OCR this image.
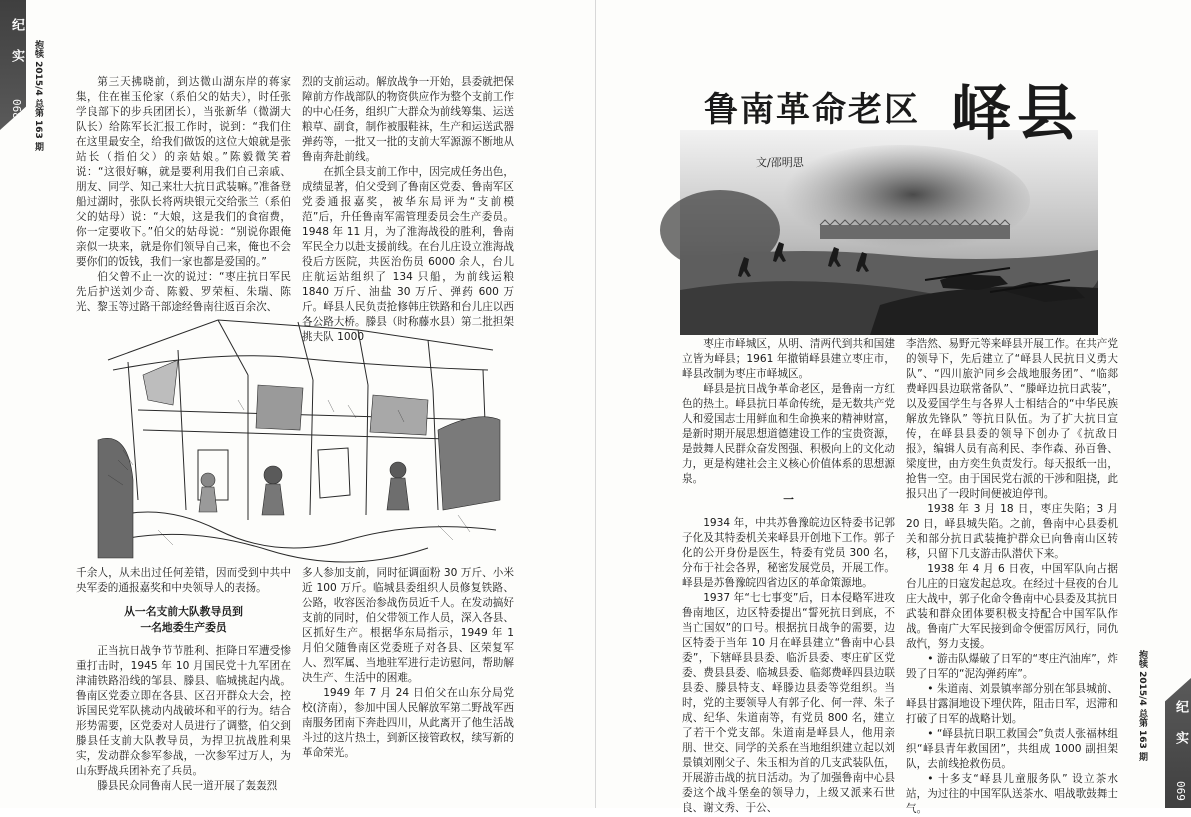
纪实 068	抱犊 2015/4 总第 163 期	第三天拂晓前，到达微山湖东岸的蒋家集，住在崔玉伦家（系伯父的姑夫），时任张学良部下的步兵团团长），当张新华（微湖大队长）给陈军长汇报工作时，说到：“我们住在这里最安全，给我们做饭的这位大娘就是张站长（指伯父）的亲姑娘。”陈毅微笑着说：“这很好嘛，就是要利用我们自己亲戚、朋友、同学、知己来壮大抗日武装嘛。”准备登船过湖时，张队长将两块银元交给张兰（系伯父的姑母）说：“大娘，这是我们的食宿费，你一定要收下。”伯父的姑母说：“别说你跟俺亲似一块来，就是你们领导自己来，俺也不会要你们的饭钱，我们一家也都是爱国的。”

伯父曾不止一次的说过：“枣庄抗日军民先后护送刘少奇、陈毅、罗荣桓、朱瑞、陈光、黎玉等过路干部途经鲁南往返百余次、

烈的支前运动。解放战争一开始，县委就把保障前方作战部队的物资供应作为整个支前工作的中心任务，组织广大群众为前线筹集、运送粮草、副食，制作被服鞋袜，生产和运送武器弹药等，一批又一批的支前大军源源不断地从鲁南奔赴前线。

在抓全县支前工作中，因完成任务出色，成绩显著，伯父受到了鲁南区党委、鲁南军区党委通报嘉奖，被华东局评为“支前模范”后，升任鲁南军需管理委员会生产委员。1948 年 11 月，为了淮海战役的胜利，鲁南军民全力以赴支援前线。在台儿庄设立淮海战役后方医院，共医治伤员 6000 余人，台儿庄航运站组织了 134 只船，为前线运粮 1840 万斤、油盐 30 万斤、弹药 600 万斤。峄县人民负责抢修韩庄铁路和台儿庄以西各公路大桥。滕县（时称藤水县）第二批担架挑夫队 1000

千余人，从未出过任何差错，因而受到中共中央军委的通报嘉奖和中央领导人的表扬。

从一名支前大队教导员到
一名地委生产委员

正当抗日战争节节胜利、拒降日军遭受惨重打击时，1945 年 10 月国民党十九军团在津浦铁路沿线的邹县、滕县、临城挑起内战。鲁南区党委立即在各县、区召开群众大会，控诉国民党军队挑动内战破坏和平的行为。结合形势需要，区党委对人员进行了调整，伯父到滕县任支前大队教导员，为捍卫抗战胜利果实，发动群众参军参战，一次参军过万人，为山东野战兵团补充了兵员。

滕县民众同鲁南人民一道开展了轰轰烈

多人参加支前，同时征调面粉 30 万斤、小米近 100 万斤。临城县委组织人员修复铁路、公路，收容医治参战伤员近千人。在发动搞好支前的同时，伯父带领工作人员，深入各县、区抓好生产。根据华东局指示，1949 年 1 月伯父随鲁南区党委班子对各县、区荣复军人、烈军属、当地驻军进行走访慰问，帮助解决生产、生活中的困难。

1949 年 7 月 24 日伯父在山东分局党校(济南），参加中国人民解放军第二野战军西南服务团南下奔赴四川，从此离开了他生活战斗过的这片热土，到新区接管政权，续写新的革命荣光。

鲁南革命老区 峄县
文/邵明思

枣庄市峄城区，从明、清两代到共和国建立皆为峄县；1961 年撤销峄县建立枣庄市，峄县改制为枣庄市峄城区。

峄县是抗日战争革命老区，是鲁南一方红色的热土。峄县抗日革命传统，是无数共产党人和爱国志士用鲜血和生命换来的精神财富，是新时期开展思想道德建设工作的宝贵资源，是鼓舞人民群众奋发图强、积极向上的文化动力，更是构建社会主义核心价值体系的思想源泉。

一

1934 年，中共苏鲁豫皖边区特委书记郭子化及其特委机关来峄县开创地下工作。郭子化的公开身份是医生，特委有党员 300 名，分布于社会各界，秘密发展党员，开展工作。峄县是苏鲁豫皖四省边区的革命策源地。

1937 年“七七事变”后，日本侵略军进攻鲁南地区，边区特委提出“誓死抗日到底，不当亡国奴”的口号。根据抗日战争的需要，边区特委于当年 10 月在峄县建立“鲁南中心县委”，下辖峄县县委、临沂县委、枣庄矿区党委、费县县委、临城县委、临郯费峄四县边联县委、滕县特支、峄滕边县委等党组织。当时，党的主要领导人有郭子化、何一萍、朱子成、纪华、朱道南等，有党员 800 名，建立了若干个党支部。朱道南是峄县人，他用亲朋、世交、同学的关系在当地组织建立起以刘景镇刘刚父子、朱玉相为首的几支武装队伍，开展游击战的抗日活动。为了加强鲁南中心县委这个战斗堡垒的领导力，上级又派来石世良、谢文秀、于公、

李浩然、易野元等来峄县开展工作。在共产党的领导下，先后建立了“峄县人民抗日义勇大队”、“四川旅沪同乡会战地服务团”、“临郯费峄四县边联常备队”、“滕峄边抗日武装”，以及爱国学生与各界人士相结合的“中华民族解放先锋队” 等抗日队伍。为了扩大抗日宣传，在峄县县委的领导下创办了《抗敌日报》，编辑人员有高利民、李作森、孙百鲁、梁度世，由方奕生负责发行。每天报纸一出，抢售一空。由于国民党右派的干涉和阻挠，此报只出了一段时间便被迫停刊。

1938 年 3 月 18 日，枣庄失陷；3 月 20 日，峄县城失陷。之前，鲁南中心县委机关和部分抗日武装掩护群众已向鲁南山区转移，只留下几支游击队潜伏下来。

1938 年 4 月 6 日夜，中国军队向占据台儿庄的日寇发起总攻。在经过十昼夜的台儿庄大战中，郭子化命令鲁南中心县委及其抗日武装和群众团体要积极支持配合中国军队作战。鲁南广大军民接到命令便雷厉风行，同仇敌忾，努力支援。

• 游击队爆破了日军的“枣庄汽油库”，炸毁了日军的“泥沟弹药库”。

• 朱道南、刘景镇率部分别在邹县城前、峄县甘露洞地设下埋伏阵，阻击日军，迟滞和打破了日军的战略计划。

• “峄县抗日职工救国会”负责人张福林组织“峄县青年救国团”，共组成 1000 副担架队，去前线抢救伤员。

• 十多支“峄县儿童服务队” 设立茶水站，为过往的中国军队送茶水、唱战歌鼓舞士气。

抱犊 2015/4 总第 163 期 纪实 069
